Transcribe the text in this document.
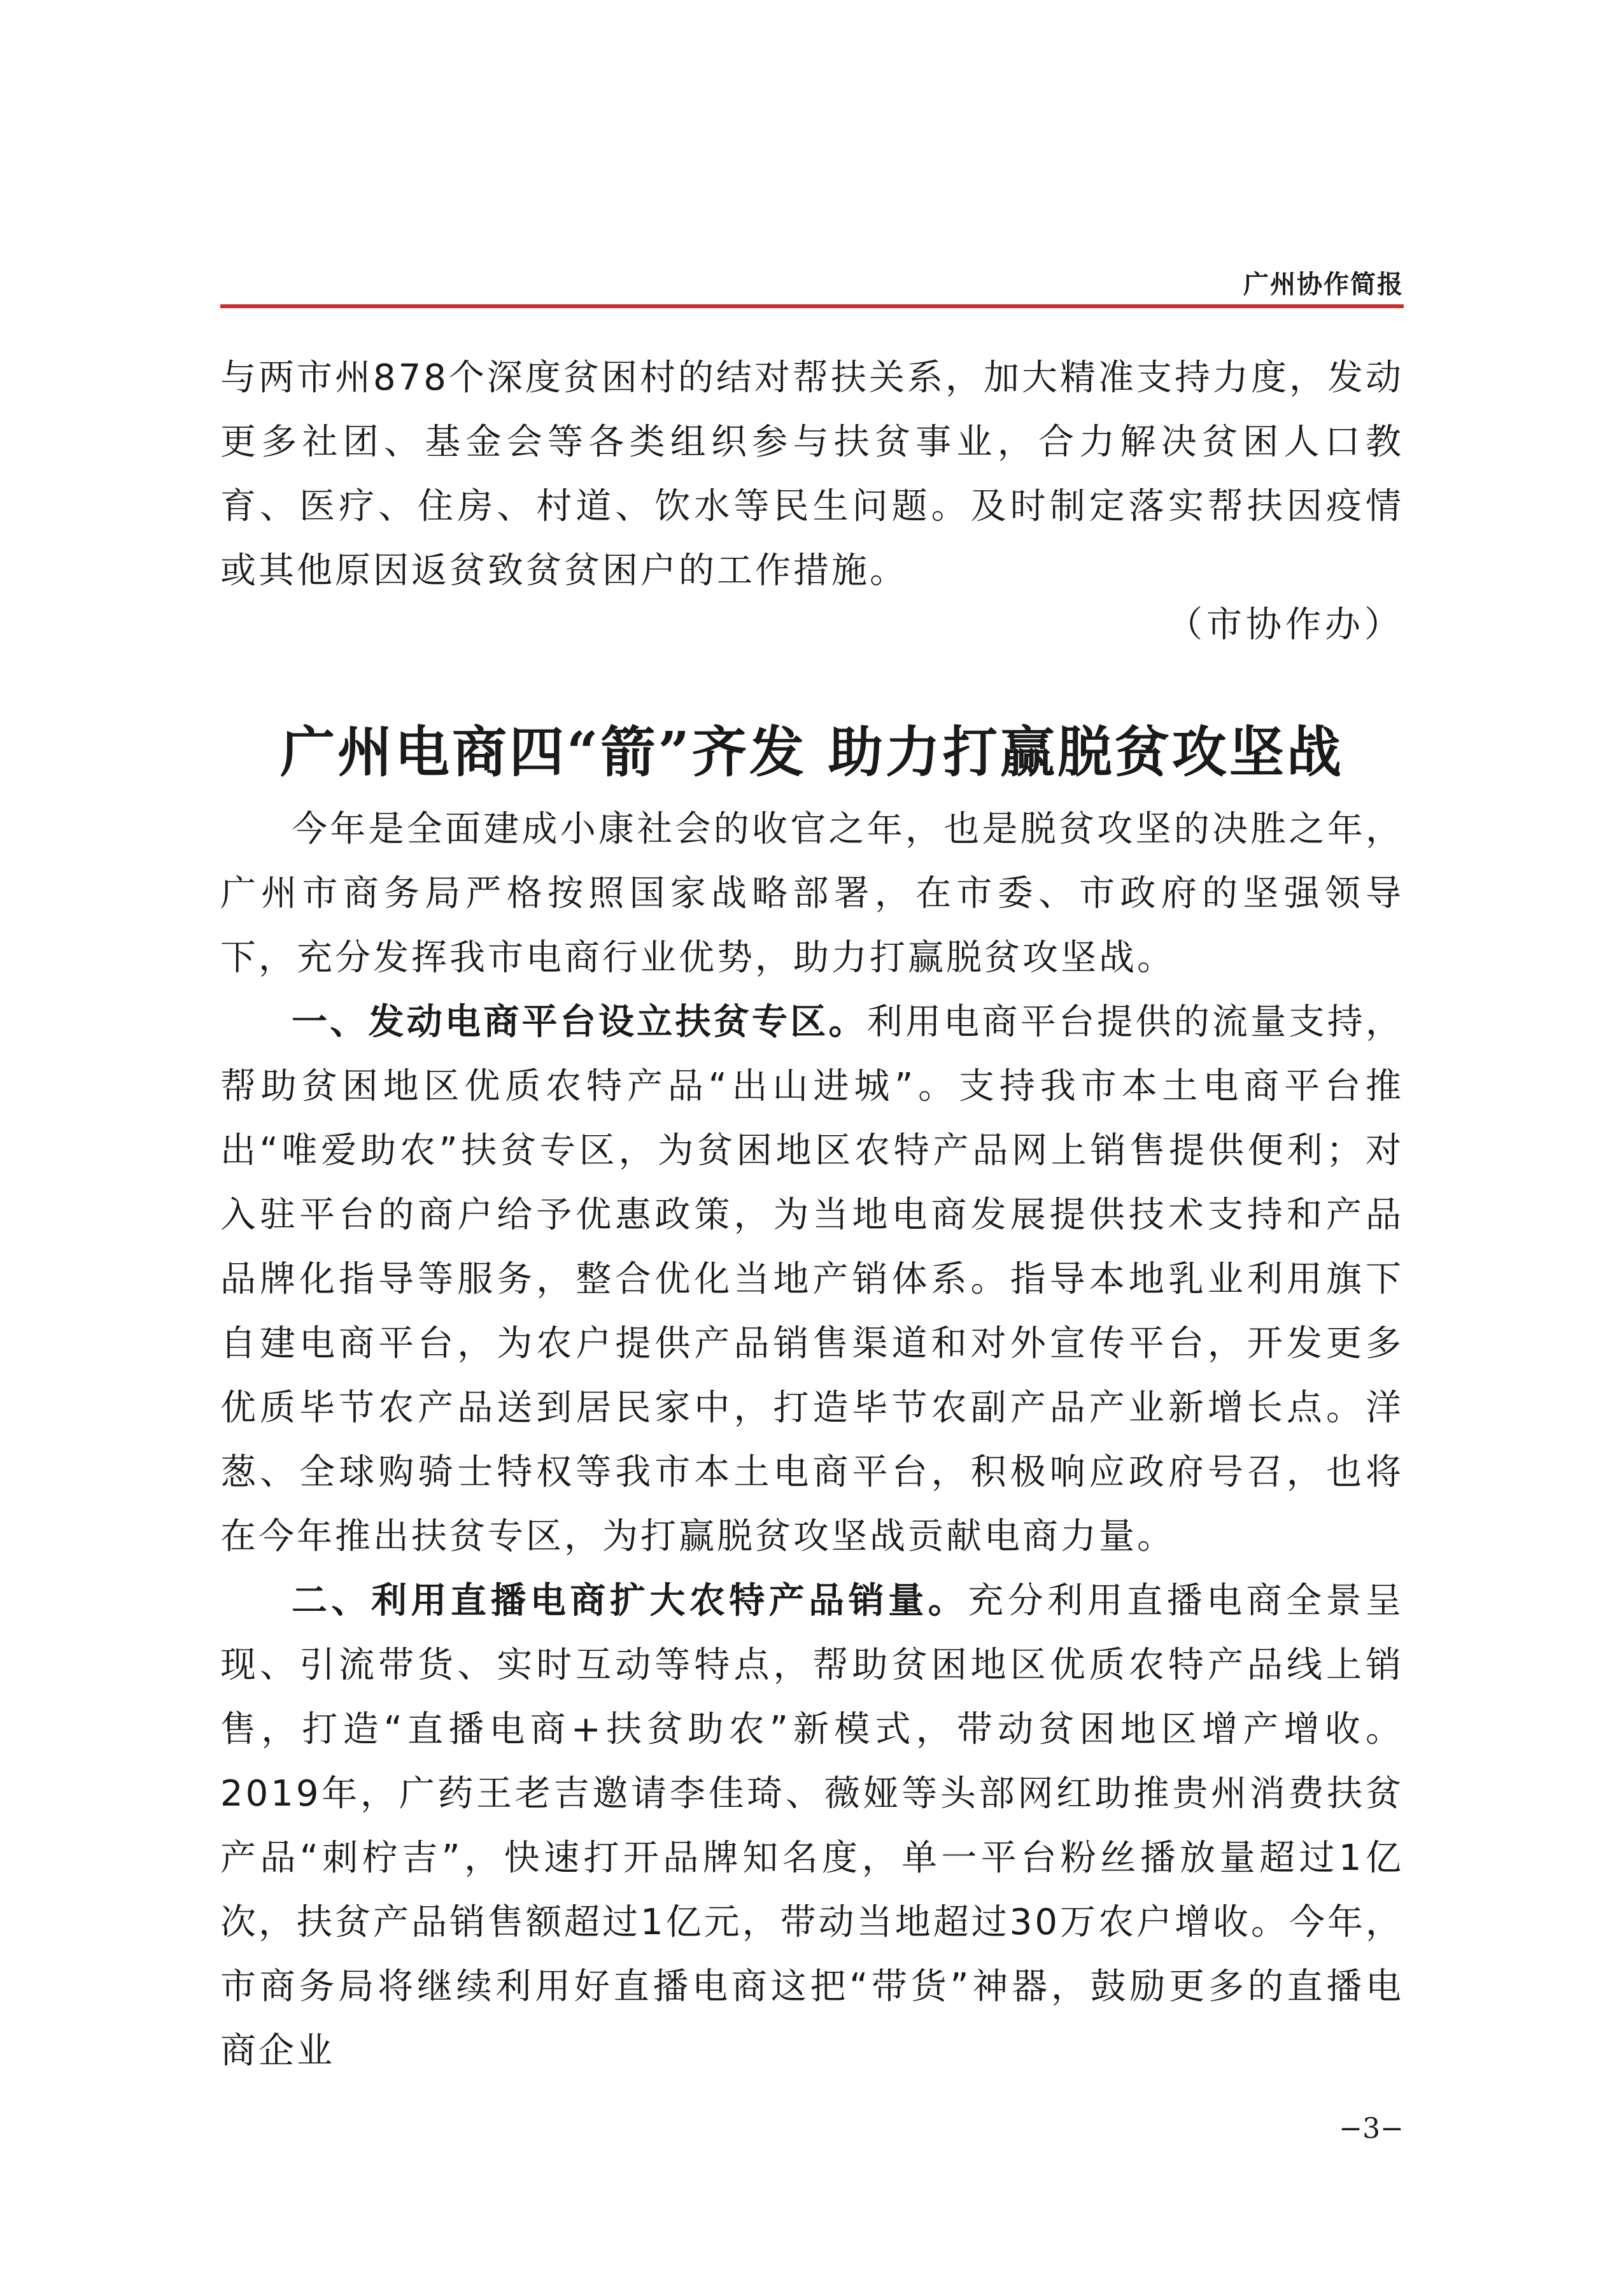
广州协作简报

与两市州878个深度贫困村的结对帮扶关系，加大精准支持力度，发动更多社团、基金会等各类组织参与扶贫事业，合力解决贫困人口教育、医疗、住房、村道、饮水等民生问题。及时制定落实帮扶因疫情或其他原因返贫致贫贫困户的工作措施。

（市协作办）
广州电商四“箭”齐发 助力打赢脱贫攻坚战

今年是全面建成小康社会的收官之年，也是脱贫攻坚的决胜之年，广州市商务局严格按照国家战略部署，在市委、市政府的坚强领导下，充分发挥我市电商行业优势，助力打赢脱贫攻坚战。

一、发动电商平台设立扶贫专区。利用电商平台提供的流量支持，帮助贫困地区优质农特产品“出山进城”。支持我市本土电商平台推出“唯爱助农”扶贫专区，为贫困地区农特产品网上销售提供便利；对入驻平台的商户给予优惠政策，为当地电商发展提供技术支持和产品品牌化指导等服务，整合优化当地产销体系。指导本地乳业利用旗下自建电商平台，为农户提供产品销售渠道和对外宣传平台，开发更多优质毕节农产品送到居民家中，打造毕节农副产品产业新增长点。洋葱、全球购骑士特权等我市本土电商平台，积极响应政府号召，也将在今年推出扶贫专区，为打赢脱贫攻坚战贡献电商力量。

二、利用直播电商扩大农特产品销量。充分利用直播电商全景呈现、引流带货、实时互动等特点，帮助贫困地区优质农特产品线上销售，打造“直播电商+扶贫助农”新模式，带动贫困地区增产增收。2019年，广药王老吉邀请李佳琦、薇娅等头部网红助推贵州消费扶贫产品“刺柠吉”，快速打开品牌知名度，单一平台粉丝播放量超过1亿次，扶贫产品销售额超过1亿元，带动当地超过30万农户增收。今年，市商务局将继续利用好直播电商这把“带货”神器，鼓励更多的直播电商企业

−3−
